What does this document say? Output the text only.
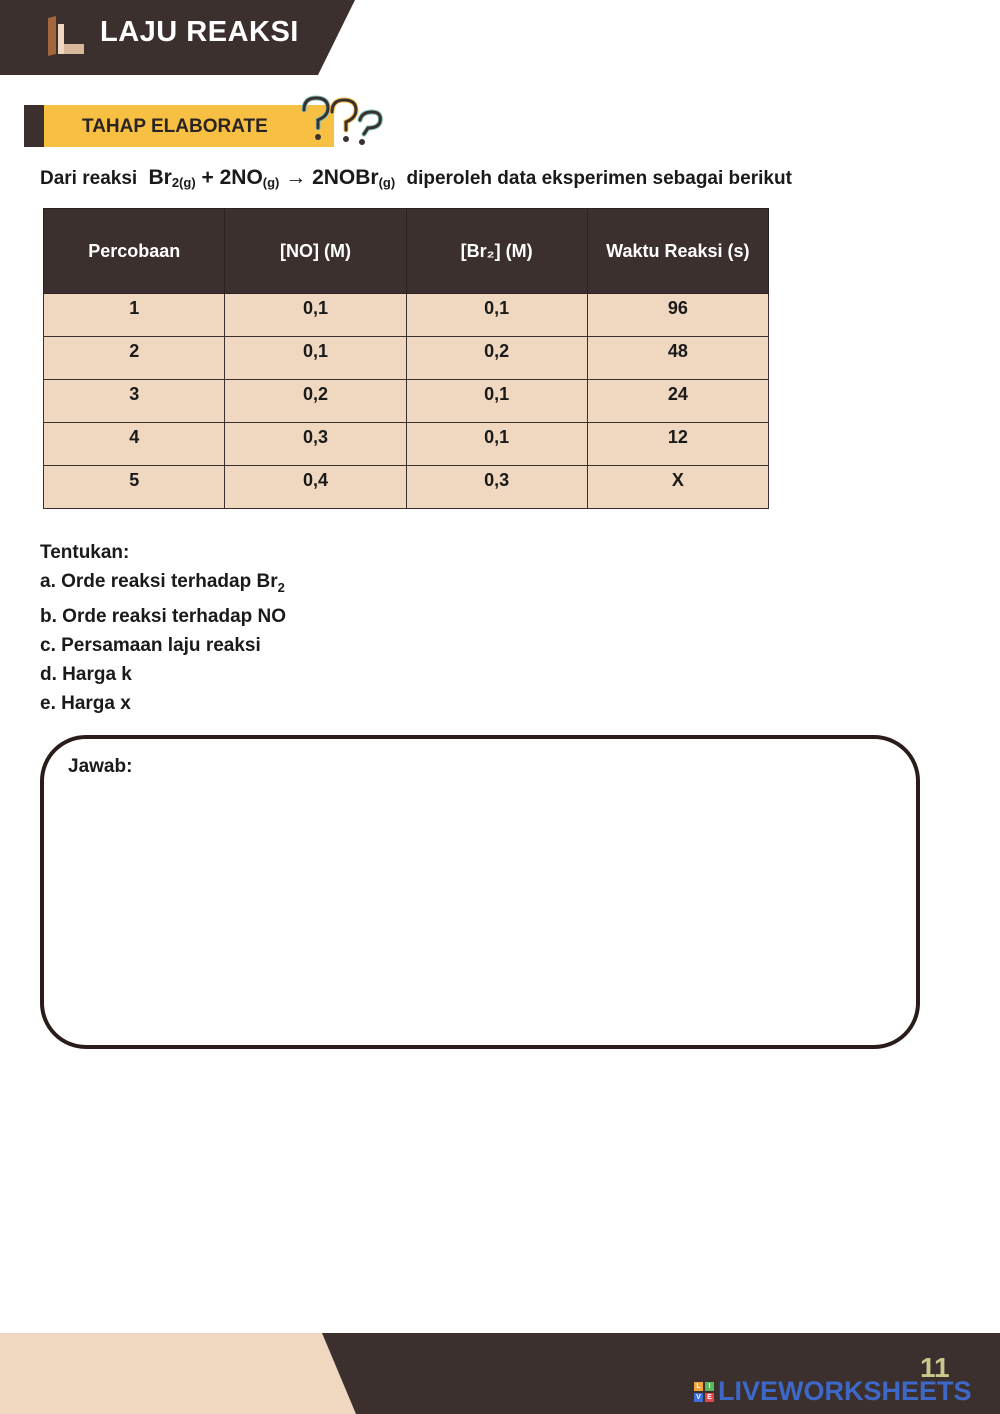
LAJU REAKSI
TAHAP ELABORATE
Dari reaksi $Br_{2(g)} + 2NO_{(g)}$ → 2NOBr$_{(g)}$ diperoleh data eksperimen sebagai berikut
Percobaan	[NO] (M)	[Br₂] (M)	Waktu Reaksi (s)
1	0,1	0,1	96
2	0,1	0,2	48
3	0,2	0,1	24
4	0,3	0,1	12
5	0,4	0,3	X
Tentukan:
a. Orde reaksi terhadap $Br_2$
b. Orde reaksi terhadap NO
c. Persamaan laju reaksi
d. Harga k
e. Harga x
Jawab:
11
L	I
V E LIVEWORKSHEETS
